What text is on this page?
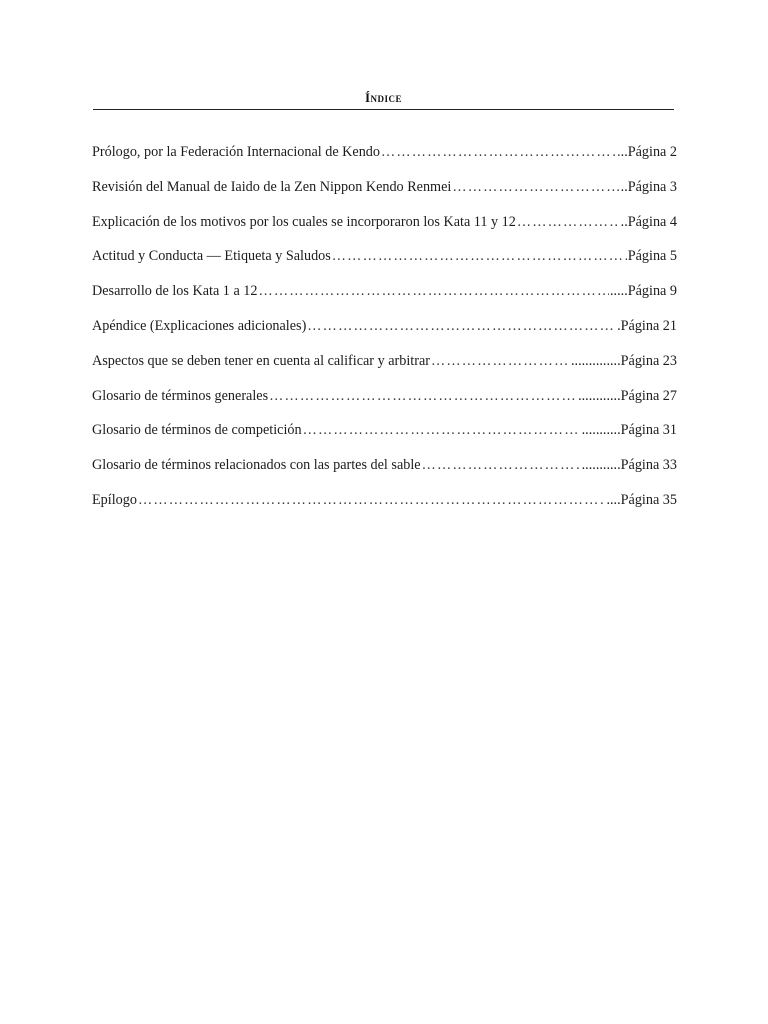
Índice
Prólogo, por la Federación Internacional de Kendo …………………………………………………………………………………………………………………………………………………………………………	..Página 2
Revisión del Manual de Iaido de la Zen Nippon Kendo Renmei …………………………………………………………………………………………………………………………………………………………………………	..Página 3
Explicación de los motivos por los cuales se incorporaron los Kata 11 y 12 …………………………………………………………………………………………………………………………………………………………………………	..Página 4
Actitud y Conducta — Etiqueta y Saludos …………………………………………………………………………………………………………………………………………………………………………	Página 5
Desarrollo de los Kata 1 a 12 …………………………………………………………………………………………………………………………………………………………………………	.....Página 9
Apéndice (Explicaciones adicionales) …………………………………………………………………………………………………………………………………………………………………………	.Página 21
Aspectos que se deben tener en cuenta al calificar y arbitrar …………………………………………………………………………………………………………………………………………………………………………	..............Página 23
Glosario de términos generales …………………………………………………………………………………………………………………………………………………………………………	............Página 27
Glosario de términos de competición …………………………………………………………………………………………………………………………………………………………………………	...........Página 31
Glosario de términos relacionados con las partes del sable …………………………………………………………………………………………………………………………………………………………………………	...........Página 33
Epílogo …………………………………………………………………………………………………………………………………………………………………………	....Página 35
